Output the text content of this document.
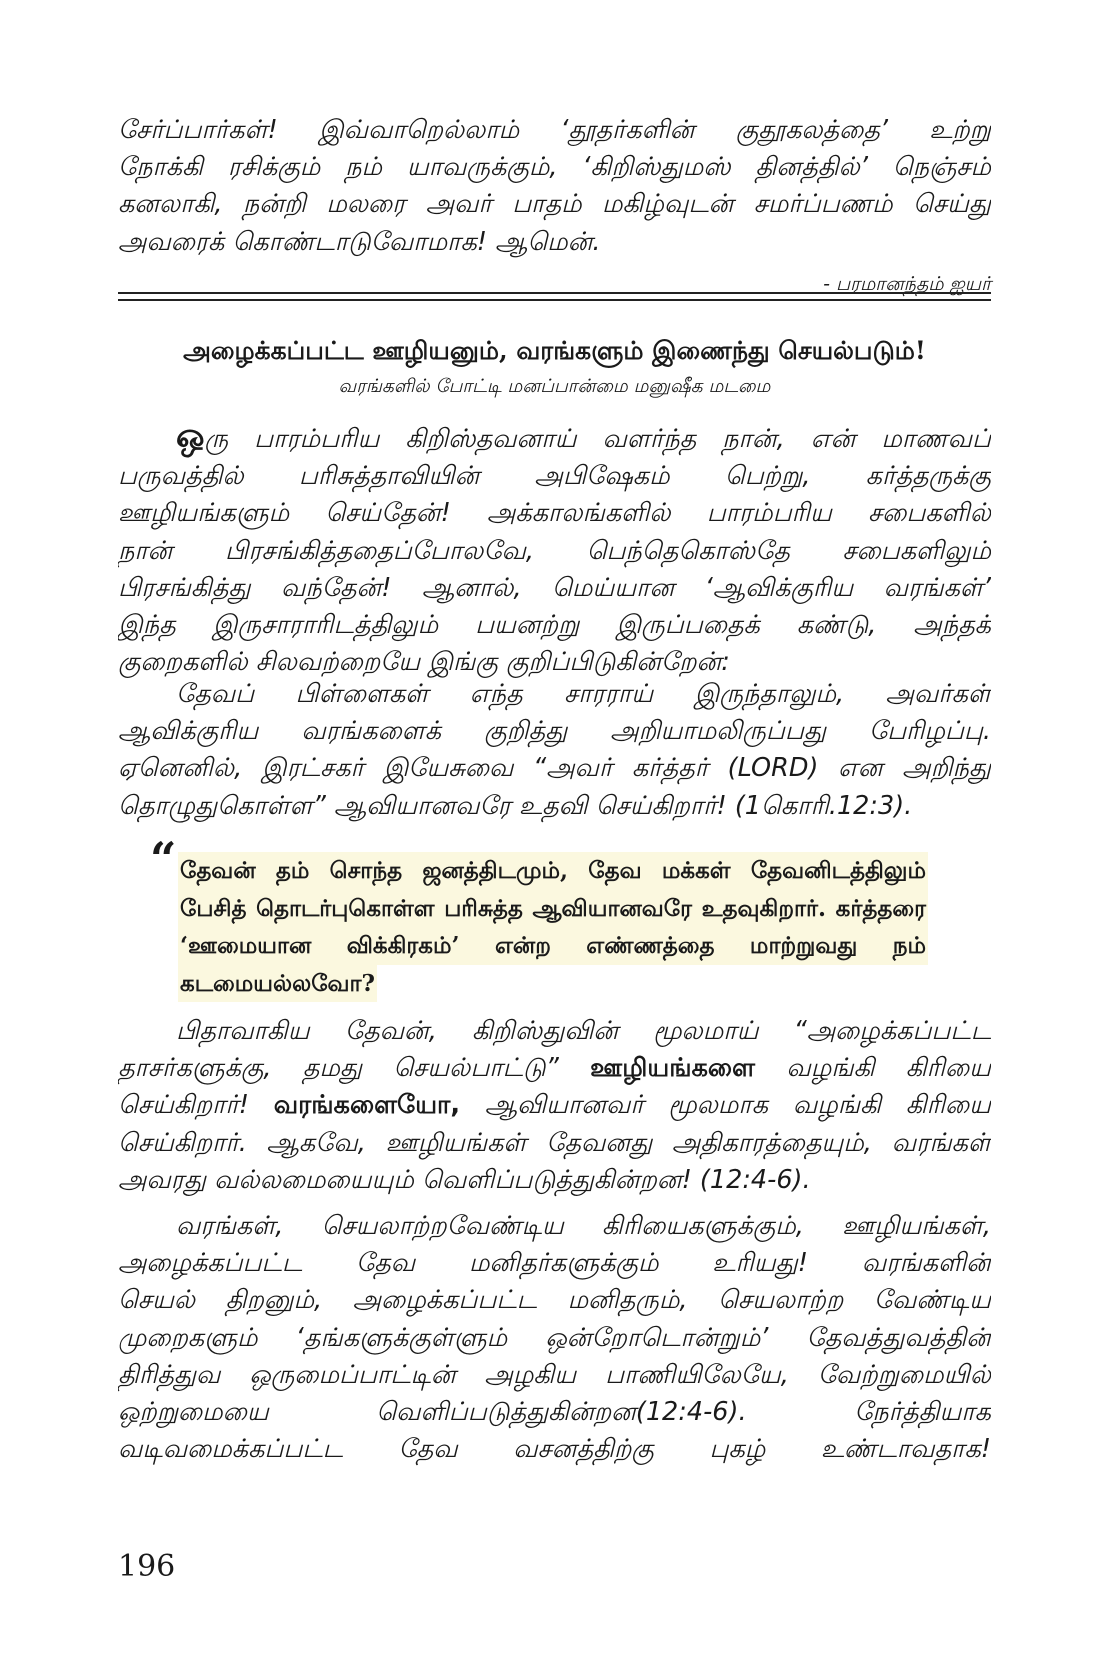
சேர்ப்பார்கள்! இவ்வாறெல்லாம் ‘தூதர்களின் குதூகலத்தை’ உற்று
நோக்கி ரசிக்கும் நம் யாவருக்கும், ‘கிறிஸ்துமஸ் தினத்தில்’ நெஞ்சம்
கனலாகி, நன்றி மலரை அவர் பாதம் மகிழ்வுடன் சமர்ப்பணம் செய்து
அவரைக் கொண்டாடுவோமாக! ஆமென்.

- பரமானந்தம் ஐயர்
அழைக்கப்பட்ட ஊழியனும், வரங்களும் இணைந்து செயல்படும்!
வரங்களில் போட்டி மனப்பான்மை மனுஷீக மடமை

ஒரு பாரம்பரிய கிறிஸ்தவனாய் வளர்ந்த நான், என் மாணவப்
பருவத்தில் பரிசுத்தாவியின் அபிஷேகம் பெற்று, கர்த்தருக்கு
ஊழியங்களும் செய்தேன்! அக்காலங்களில் பாரம்பரிய சபைகளில்
நான் பிரசங்கித்ததைப்போலவே, பெந்தெகொஸ்தே சபைகளிலும்
பிரசங்கித்து வந்தேன்! ஆனால், மெய்யான ‘ஆவிக்குரிய வரங்கள்’
இந்த இருசாராரிடத்திலும் பயனற்று இருப்பதைக் கண்டு, அந்தக்
குறைகளில் சிலவற்றையே இங்கு குறிப்பிடுகின்றேன்:

தேவப் பிள்ளைகள் எந்த சாரராய் இருந்தாலும், அவர்கள்
ஆவிக்குரிய வரங்களைக் குறித்து அறியாமலிருப்பது பேரிழப்பு.
ஏனெனில், இரட்சகர் இயேசுவை “அவர் கர்த்தர் (LORD) என அறிந்து
தொழுதுகொள்ள” ஆவியானவரே உதவி செய்கிறார்! (1கொரி.12:3).

“ தேவன் தம் சொந்த ஜனத்திடமும், தேவ மக்கள் தேவனிடத்திலும்
பேசித் தொடர்புகொள்ள பரிசுத்த ஆவியானவரே உதவுகிறார். கர்த்தரை
‘ஊமையான விக்கிரகம்’ என்ற எண்ணத்தை மாற்றுவது நம்
கடமையல்லவோ?

பிதாவாகிய தேவன், கிறிஸ்துவின் மூலமாய் “அழைக்கப்பட்ட
தாசர்களுக்கு, தமது செயல்பாட்டு” ஊழியங்களை வழங்கி கிரியை
செய்கிறார்! வரங்களையோ, ஆவியானவர் மூலமாக வழங்கி கிரியை
செய்கிறார். ஆகவே, ஊழியங்கள் தேவனது அதிகாரத்தையும், வரங்கள்
அவரது வல்லமையையும் வெளிப்படுத்துகின்றன! (12:4-6).

வரங்கள், செயலாற்றவேண்டிய கிரியைகளுக்கும், ஊழியங்கள்,
அழைக்கப்பட்ட தேவ மனிதர்களுக்கும் உரியது! வரங்களின்
செயல் திறனும், அழைக்கப்பட்ட மனிதரும், செயலாற்ற வேண்டிய
முறைகளும் ‘தங்களுக்குள்ளும் ஒன்றோடொன்றும்’ தேவத்துவத்தின்
திரித்துவ ஒருமைப்பாட்டின் அழகிய பாணியிலேயே, வேற்றுமையில்
ஒற்றுமையை வெளிப்படுத்துகின்றன(12:4-6). நேர்த்தியாக
வடிவமைக்கப்பட்ட தேவ வசனத்திற்கு புகழ் உண்டாவதாக!

196
